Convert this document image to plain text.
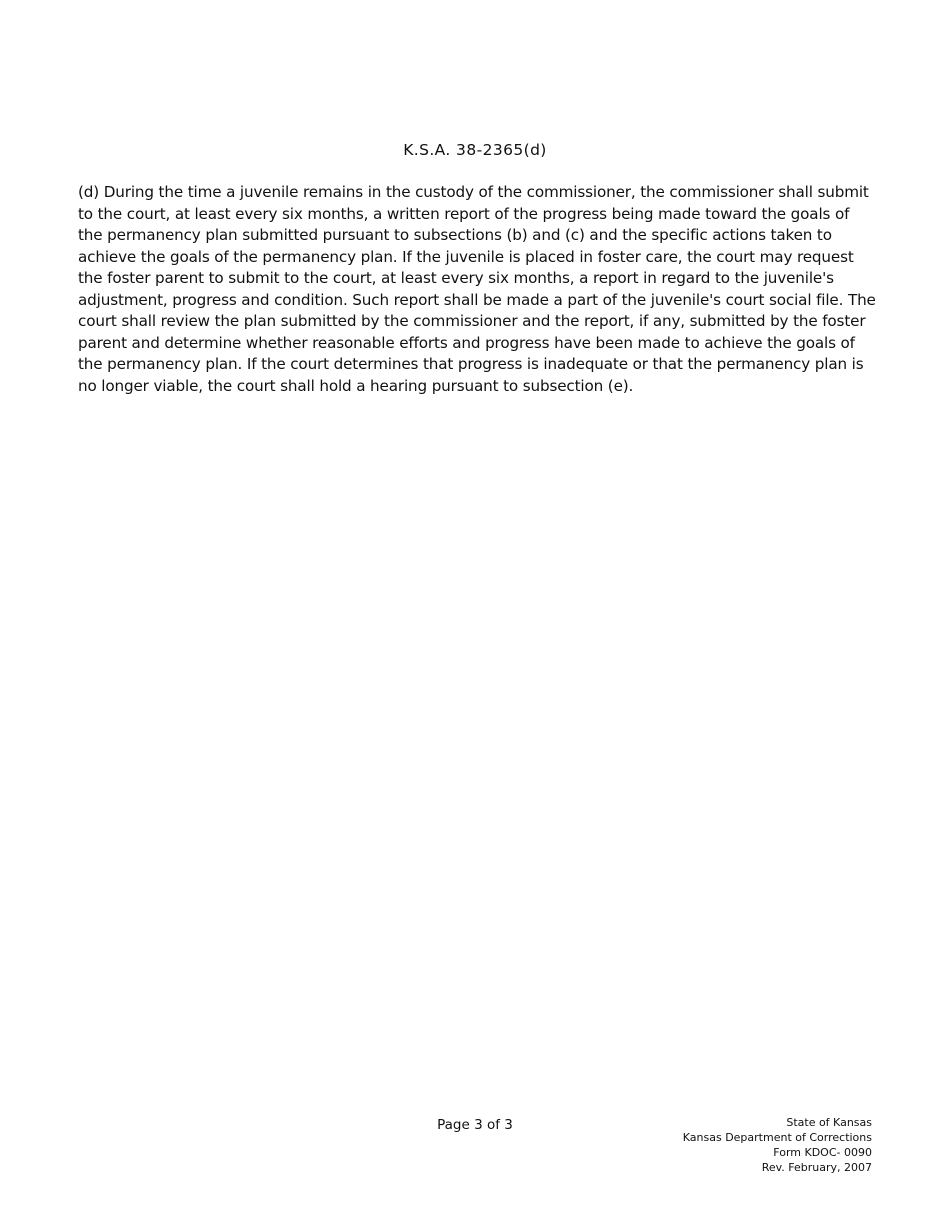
K.S.A. 38-2365(d)

(d) During the time a juvenile remains in the custody of the commissioner, the commissioner shall submit to the court, at least every six months, a written report of the progress being made toward the goals of the permanency plan submitted pursuant to subsections (b) and (c) and the specific actions taken to achieve the goals of the permanency plan. If the juvenile is placed in foster care, the court may request the foster parent to submit to the court, at least every six months, a report in regard to the juvenile's adjustment, progress and condition. Such report shall be made a part of the juvenile's court social file. The court shall review the plan submitted by the commissioner and the report, if any, submitted by the foster parent and determine whether reasonable efforts and progress have been made to achieve the goals of the permanency plan. If the court determines that progress is inadequate or that the permanency plan is no longer viable, the court shall hold a hearing pursuant to subsection (e).

Page 3 of 3	State of Kansas
Kansas Department of Corrections
Form KDOC- 0090
Rev. February, 2007
